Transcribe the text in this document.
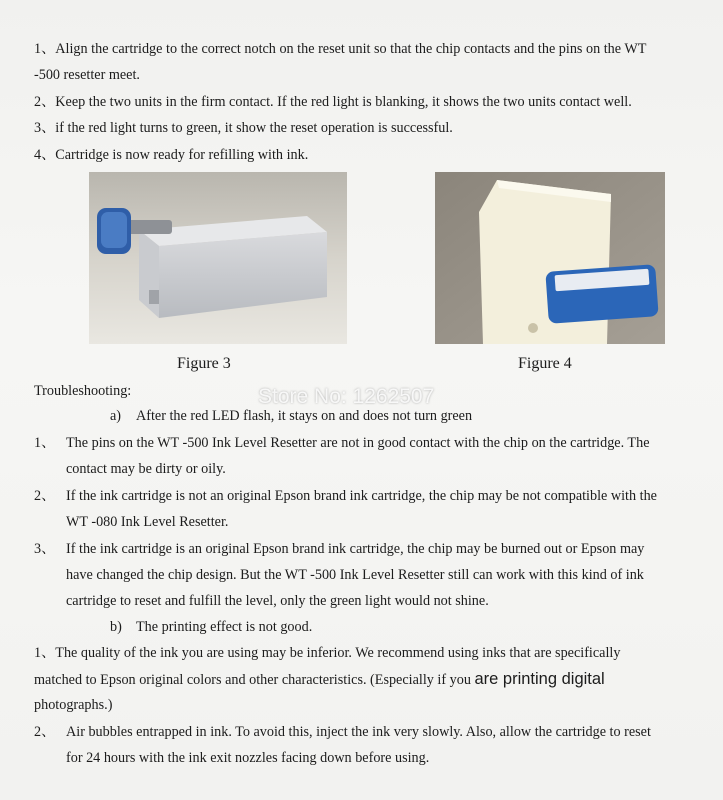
1、Align the cartridge to the correct notch on the reset unit so that the chip contacts and the pins on the WT
-500 resetter meet.
2、Keep the two units in the firm contact. If the red light is blanking, it shows the two units contact well.
3、if the red light turns to green, it show the reset operation is successful.
4、Cartridge is now ready for refilling with ink.
Figure 3	Figure 4
Store No: 1262507
Troubleshooting:
a) After the red LED flash, it stays on and does not turn green
1、 The pins on the WT -500 Ink Level Resetter are not in good contact with the chip on the cartridge. The
contact may be dirty or oily.
2、 If the ink cartridge is not an original Epson brand ink cartridge, the chip may be not compatible with the
WT -080 Ink Level Resetter.
3、 If the ink cartridge is an original Epson brand ink cartridge, the chip may be burned out or Epson may
have changed the chip design. But the WT -500 Ink Level Resetter still can work with this kind of ink
cartridge to reset and fulfill the level, only the green light would not shine.
b) The printing effect is not good.
1、The quality of the ink you are using may be inferior. We recommend using inks that are specifically
matched to Epson original colors and other characteristics. (Especially if you are printing digital
photographs.)
2、 Air bubbles entrapped in ink. To avoid this, inject the ink very slowly. Also, allow the cartridge to reset
for 24 hours with the ink exit nozzles facing down before using.
